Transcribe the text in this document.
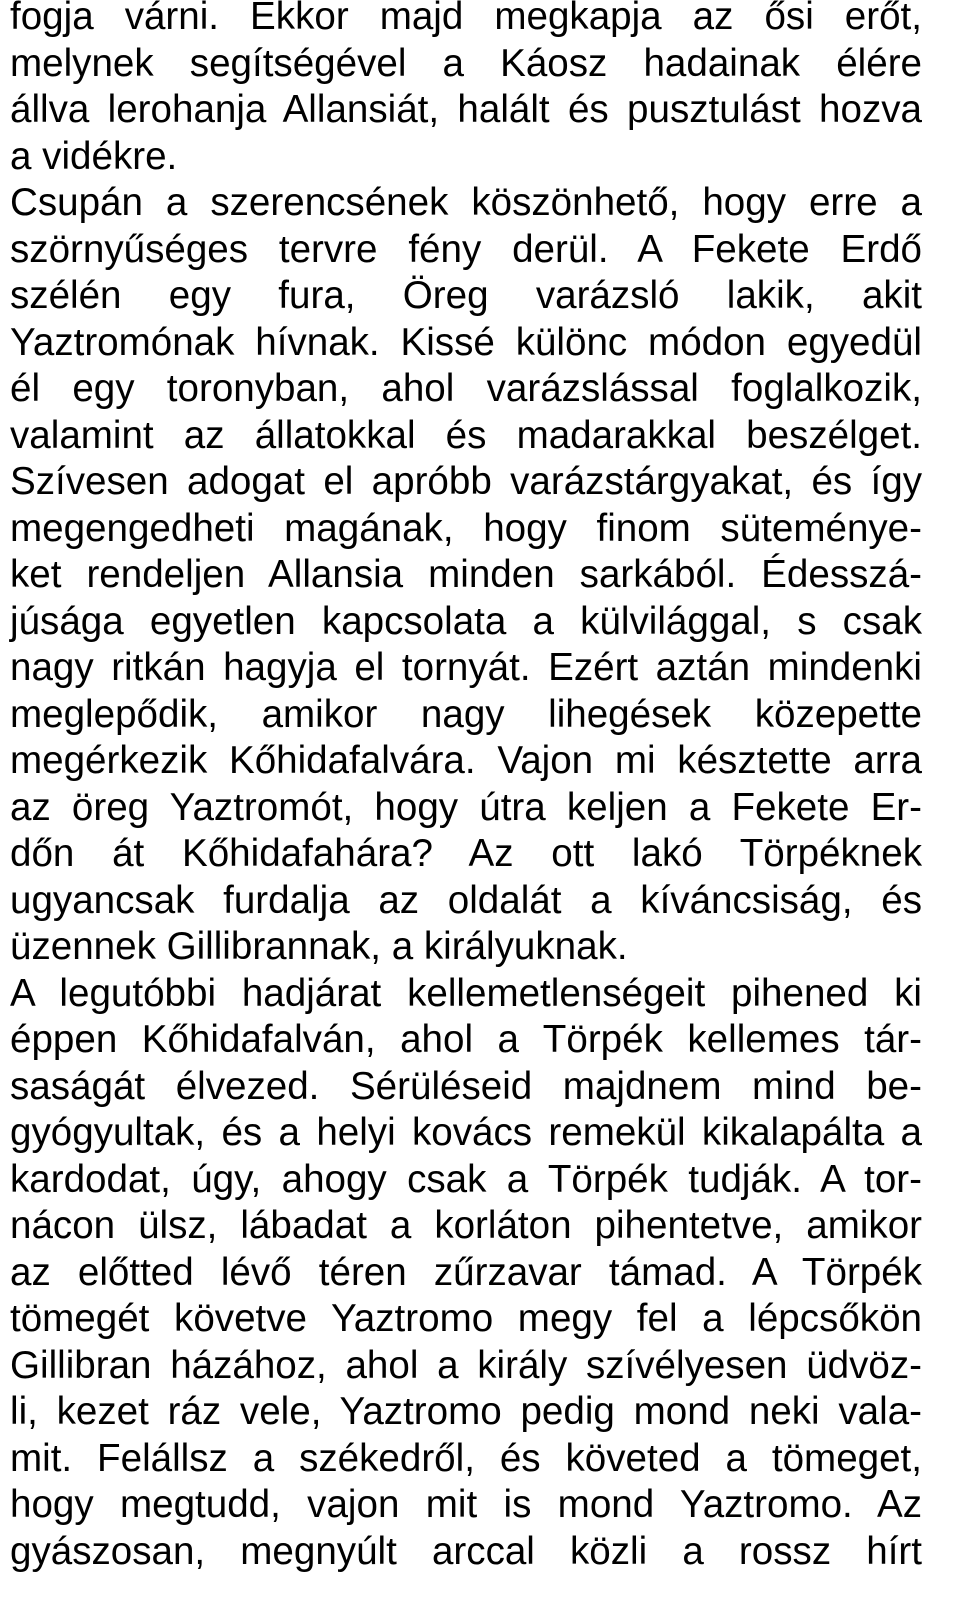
fogja várni. Ekkor majd megkapja az ősi erőt,
melynek segítségével a Káosz hadainak élére
állva lerohanja Allansiát, halált és pusztulást hozva
a vidékre.
Csupán a szerencsének köszönhető, hogy erre a
szörnyűséges tervre fény derül. A Fekete Erdő
szélén egy fura, Öreg varázsló lakik, akit
Yaztromónak hívnak. Kissé különc módon egyedül
él egy toronyban, ahol varázslással foglalkozik,
valamint az állatokkal és madarakkal beszélget.
Szívesen adogat el apróbb varázstárgyakat, és így
megengedheti magának, hogy finom süteménye-
ket rendeljen Allansia minden sarkából. Édesszá-
júsága egyetlen kapcsolata a külvilággal, s csak
nagy ritkán hagyja el tornyát. Ezért aztán mindenki
meglepődik, amikor nagy lihegések közepette
megérkezik Kőhidafalvára. Vajon mi késztette arra
az öreg Yaztromót, hogy útra keljen a Fekete Er-
dőn át Kőhidafahára? Az ott lakó Törpéknek
ugyancsak furdalja az oldalát a kíváncsiság, és
üzennek Gillibrannak, a királyuknak.
A legutóbbi hadjárat kellemetlenségeit pihened ki
éppen Kőhidafalván, ahol a Törpék kellemes tár-
saságát élvezed. Sérüléseid majdnem mind be-
gyógyultak, és a helyi kovács remekül kikalapálta a
kardodat, úgy, ahogy csak a Törpék tudják. A tor-
nácon ülsz, lábadat a korláton pihentetve, amikor
az előtted lévő téren zűrzavar támad. A Törpék
tömegét követve Yaztromo megy fel a lépcsőkön
Gillibran házához, ahol a király szívélyesen üdvöz-
li, kezet ráz vele, Yaztromo pedig mond neki vala-
mit. Felállsz a székedről, és követed a tömeget,
hogy megtudd, vajon mit is mond Yaztromo. Az
gyászosan, megnyúlt arccal közli a rossz hírt
